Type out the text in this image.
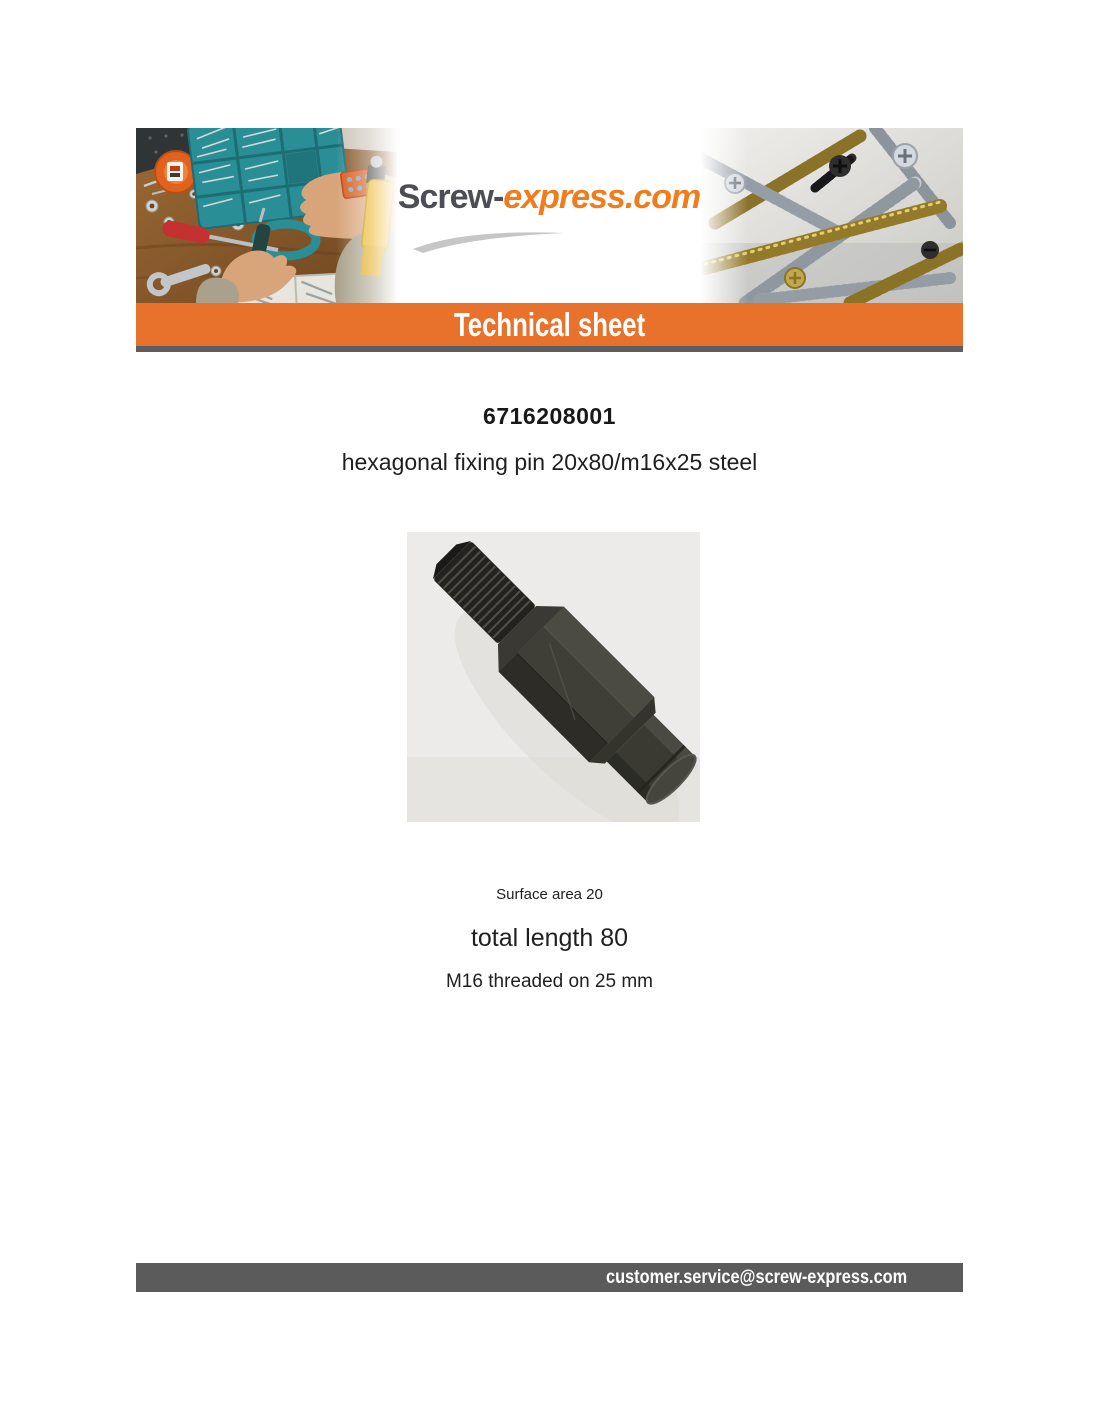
Screw-express.com
Technical sheet
6716208001
hexagonal fixing pin 20x80/m16x25 steel
Surface area 20
total length 80
M16 threaded on 25 mm
customer.service@screw-express.com
